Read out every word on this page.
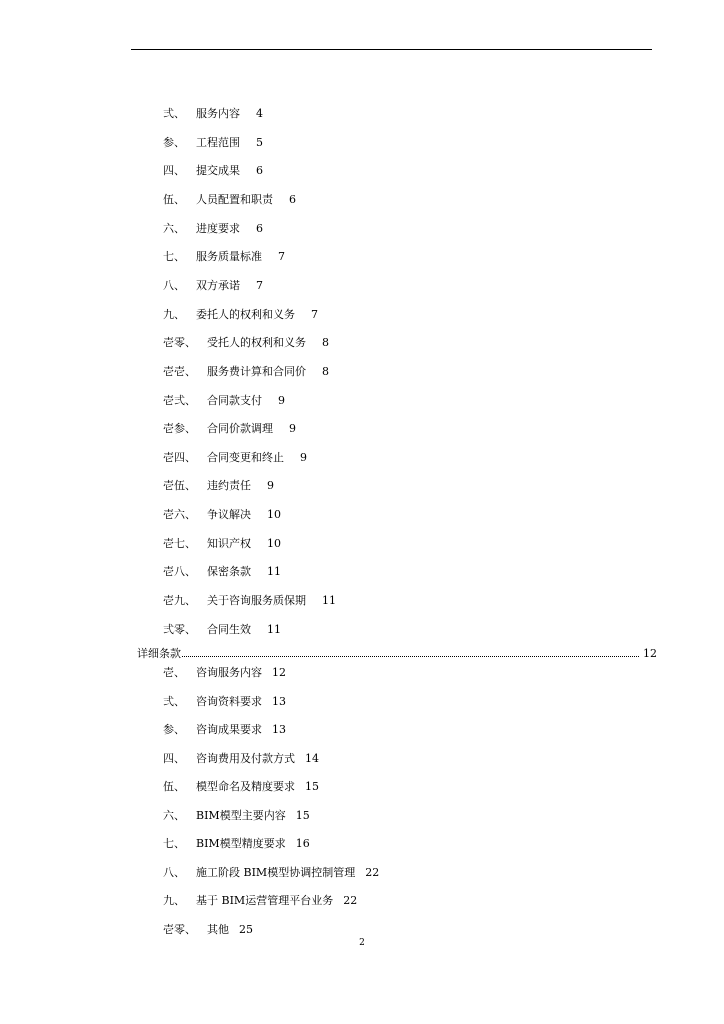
弍、 服务内容 4
参、 工程范围 5
四、 提交成果 6
伍、 人员配置和职责 6
六、 进度要求 6
七、 服务质量标准 7
八、 双方承诺 7
九、 委托人的权利和义务 7
壱零、 受托人的权利和义务 8
壱壱、 服务费计算和合同价 8
壱弍、 合同款支付 9
壱参、 合同价款调理 9
壱四、 合同变更和终止 9
壱伍、 违约责任 9
壱六、 争议解决 10
壱七、 知识产权 10
壱八、 保密条款 11
壱九、 关于咨询服务质保期 11
弍零、 合同生效 11
详细条款	12
壱、 咨询服务内容 12
弍、 咨询资料要求 13
参、 咨询成果要求 13
四、 咨询费用及付款方式 14
伍、 模型命名及精度要求 15
六、 BIM模型主要内容 15
七、 BIM模型精度要求 16
八、 施工阶段 BIM模型协调控制管理 22
九、 基于 BIM运营管理平台业务 22
壱零、 其他 25
2
